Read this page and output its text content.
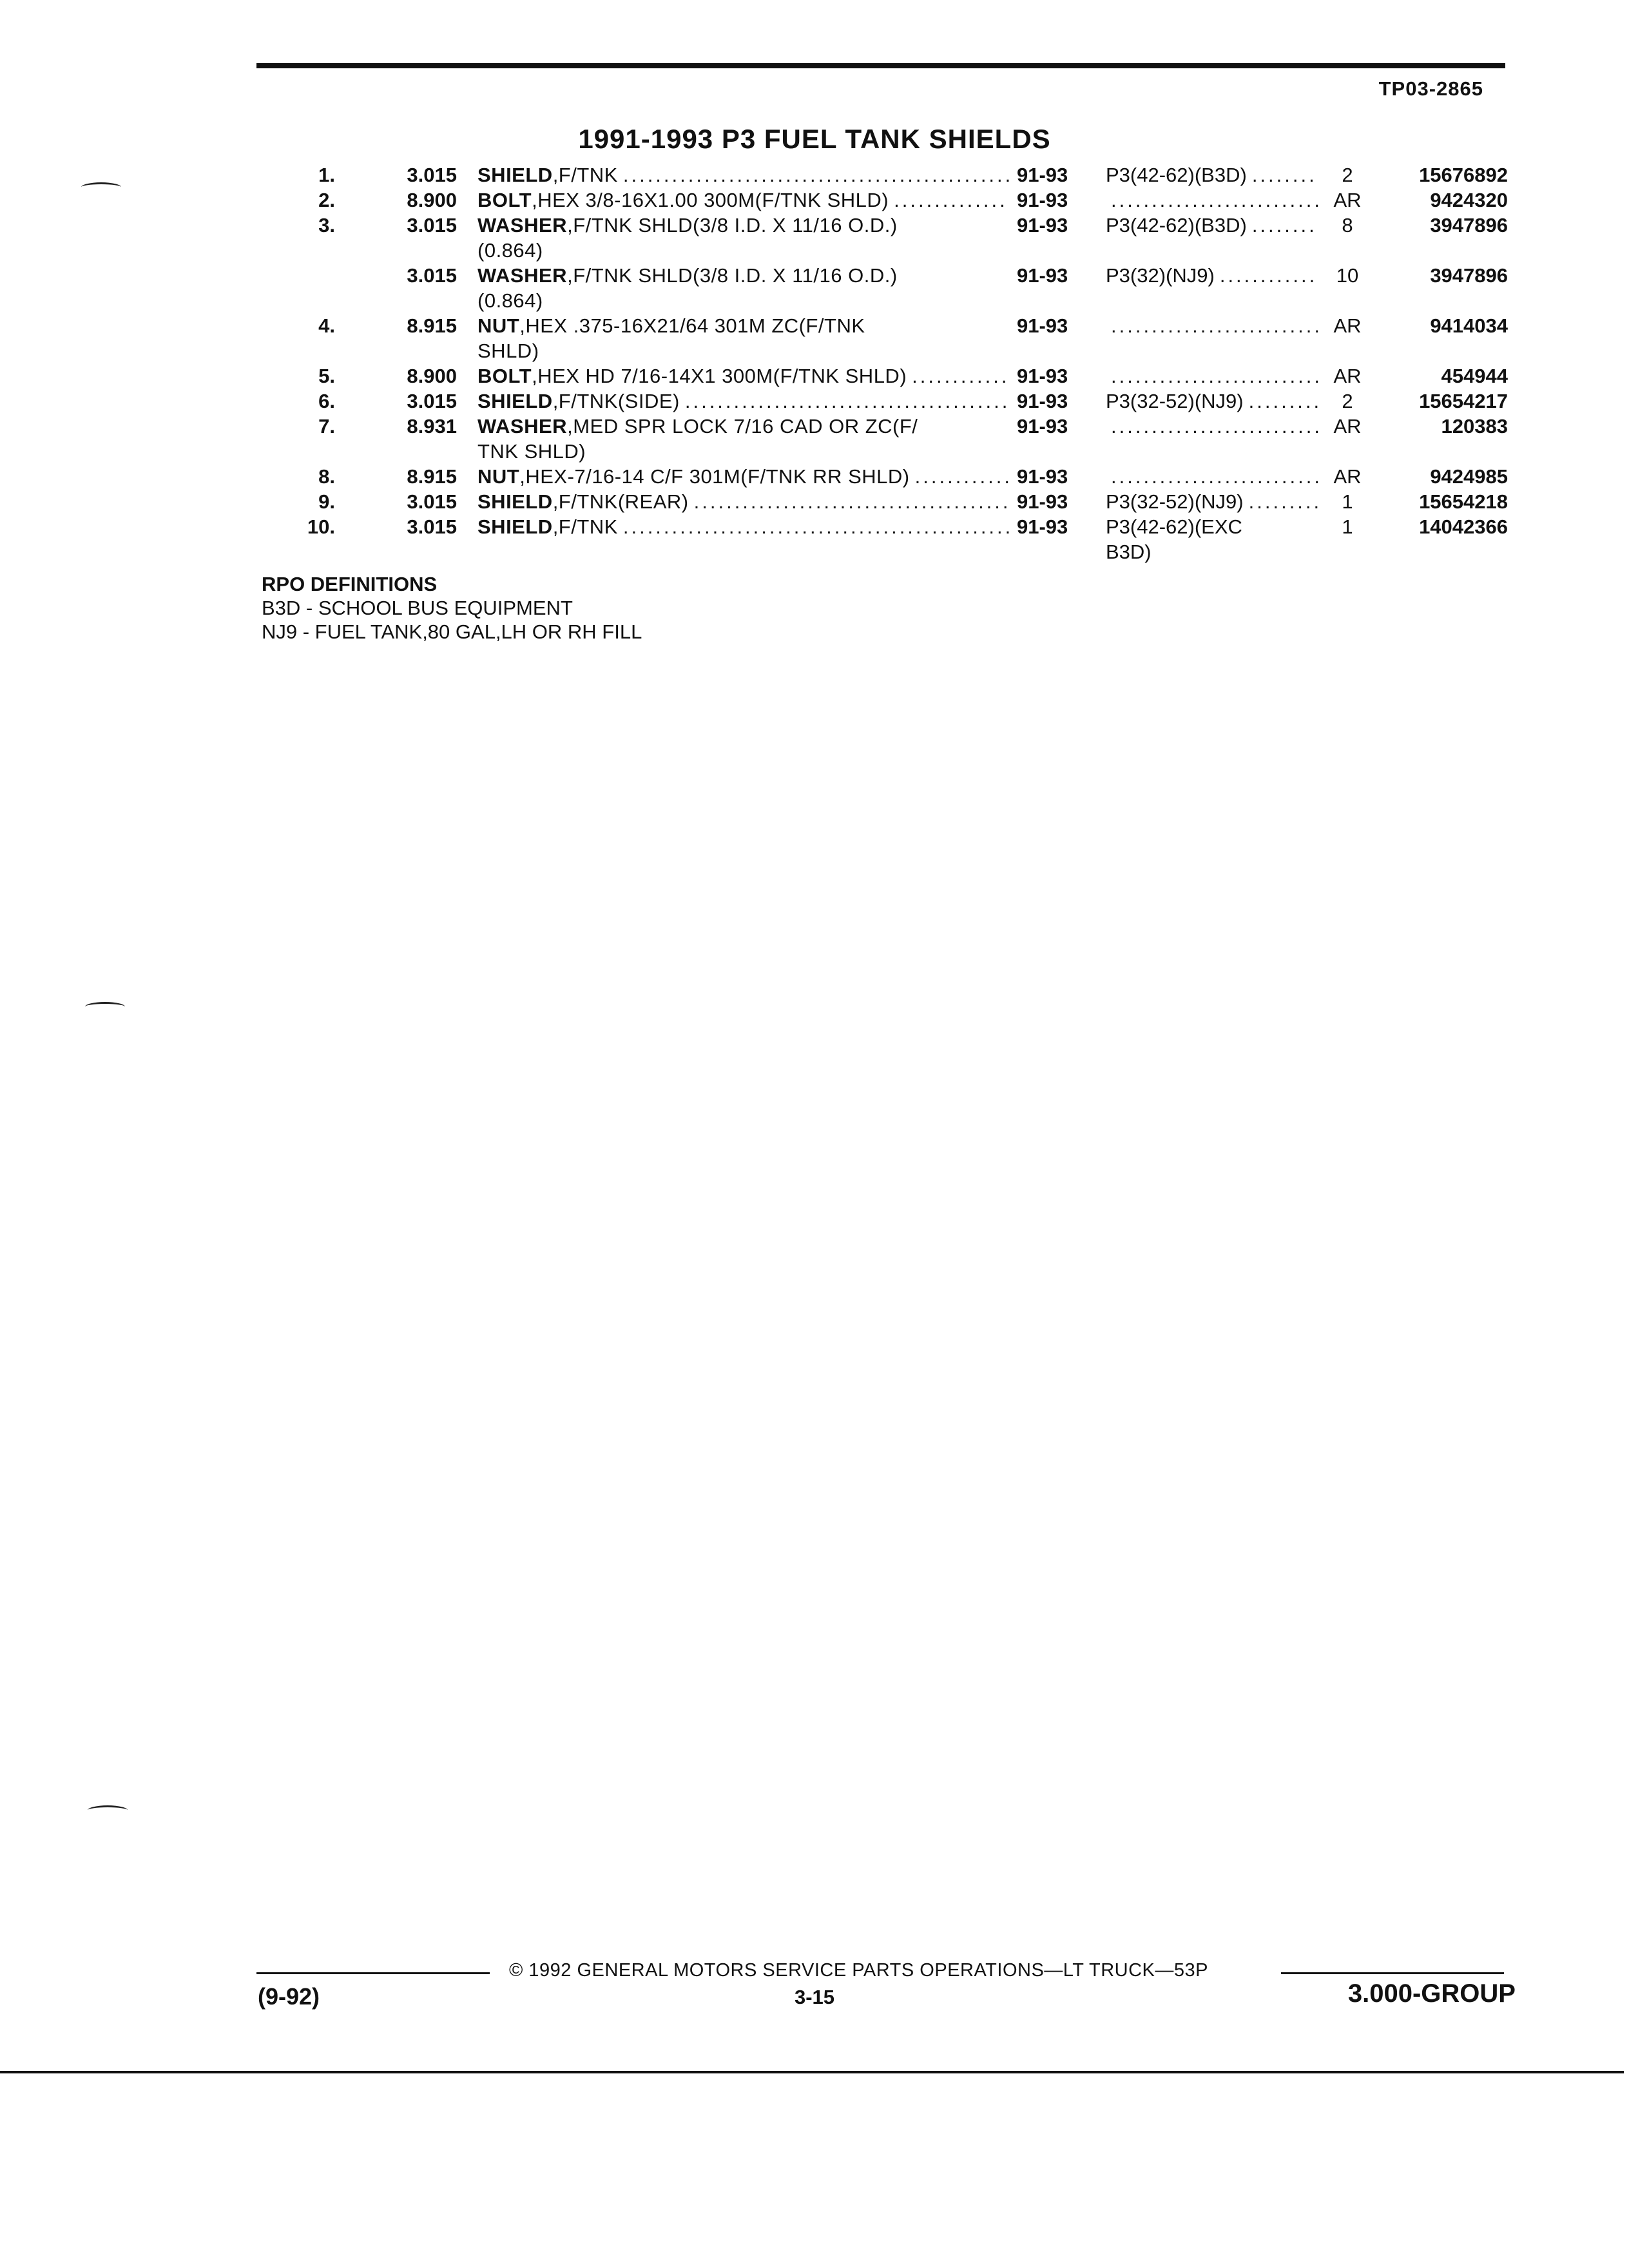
TP03-2865
1991-1993 P3 FUEL TANK SHIELDS
1.	3.015	SHIELD,F/TNK .....	91-93	P3(42-62)(B3D) .....	2	15676892
2.	8.900	BOLT,HEX 3/8-16X1.00 300M(F/TNK SHLD) .....	91-93 .....	AR	9424320
3.	3.015	WASHER,F/TNK SHLD(3/8 I.D. X 11/16 O.D.)
(0.864)
91-93	P3(42-62)(B3D) .....	8	3947896
3.015	WASHER,F/TNK SHLD(3/8 I.D. X 11/16 O.D.)
(0.864)
91-93	P3(32)(NJ9) .....	10	3947896
4.	8.915	NUT,HEX .375-16X21/64 301M ZC(F/TNK
SHLD)
91-93 .....	AR	9414034
5.	8.900	BOLT,HEX HD 7/16-14X1 300M(F/TNK SHLD) .....	91-93 .....	AR	454944
6.	3.015	SHIELD,F/TNK(SIDE) .....	91-93	P3(32-52)(NJ9) .....	2	15654217
7.	8.931	WASHER,MED SPR LOCK 7/16 CAD OR ZC(F/
TNK SHLD)
91-93 .....	AR	120383
8.	8.915	NUT,HEX-7/16-14 C/F 301M(F/TNK RR SHLD) .....	91-93 .....	AR	9424985
9.	3.015	SHIELD,F/TNK(REAR) .....	91-93	P3(32-52)(NJ9) .....	1	15654218
10.	3.015	SHIELD,F/TNK .....	91-93	P3(42-62)(EXC
B3D)
1	14042366
RPO DEFINITIONS
B3D - SCHOOL BUS EQUIPMENT
NJ9 - FUEL TANK,80 GAL,LH OR RH FILL
© 1992 GENERAL MOTORS SERVICE PARTS OPERATIONS—LT TRUCK—53P
(9-92)	3-15	3.000-GROUP
